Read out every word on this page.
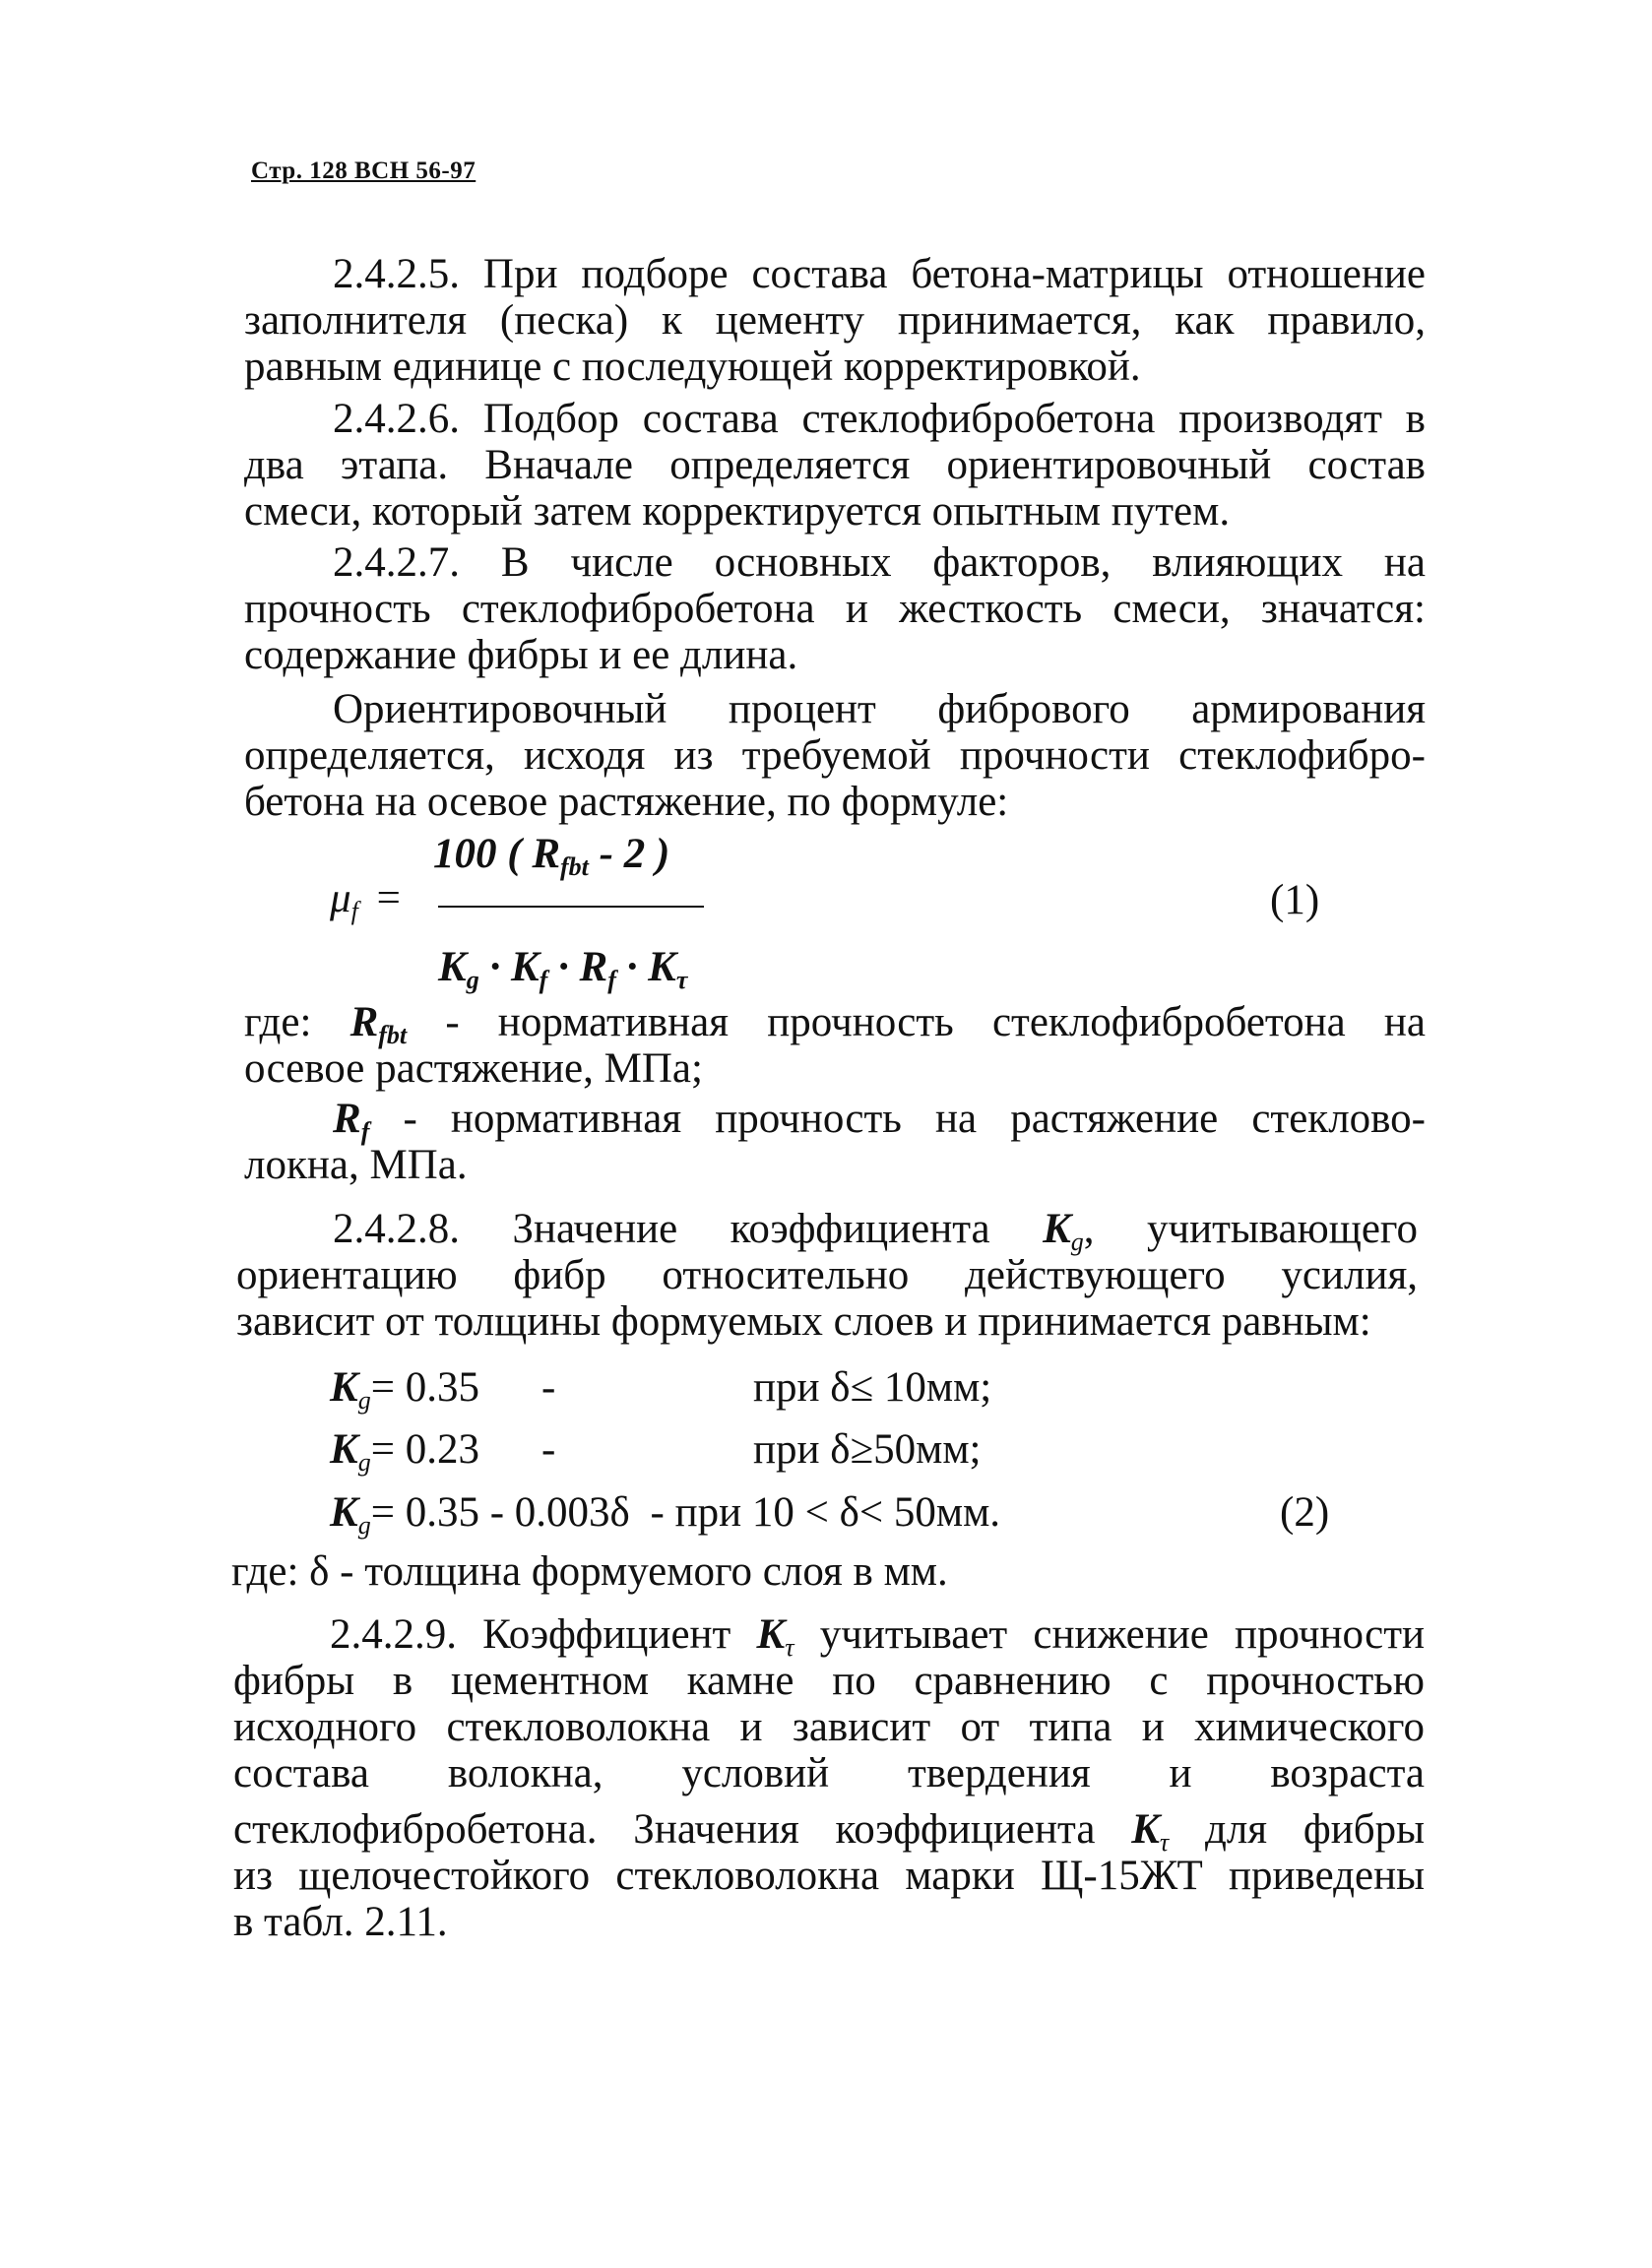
Стр. 128 ВСН 56-97
2.4.2.5. При подборе состава бетона-матрицы отношение
заполнителя (песка) к цементу принимается, как правило,
равным единице с последующей корректировкой.
2.4.2.6. Подбор состава стеклофибробетона производят в
два этапа. Вначале определяется ориентировочный состав
смеси, который затем корректируется опытным путем.
2.4.2.7. В числе основных факторов, влияющих на
прочность стеклофибробетона и жесткость смеси, значатся:
содержание фибры и ее длина.
Ориентировочный процент фибрового армирования
определяется, исходя из требуемой прочности стеклофибро-
бетона на осевое растяжение, по формуле:
100 ( $R_{fbt} - 2$ )
$\mu_f$ =	(1)
$K_g \cdot K_f \cdot R_f \cdot K_\tau$
где: $R_{fbt}$ - нормативная прочность стеклофибробетона на
осевое растяжение, МПа;
$R_f$ - нормативная прочность на растяжение стеклово-
локна, МПа.
2.4.2.8. Значение коэффициента $K_g$, учитывающего
ориентацию фибр относительно действующего усилия,
зависит от толщины формуемых слоев и принимается равным:
$K_g= 0.35$ -	при δ≤ 10мм;
$K_g= 0.23$ -	при δ≥50мм;
$K_g= 0.35 - 0.003\delta$ - при 10 < δ< 50мм.	(2)
где: δ - толщина формуемого слоя в мм.
2.4.2.9. Коэффициент $K_\tau$ учитывает снижение прочности
фибры в цементном камне по сравнению с прочностью
исходного стекловолокна и зависит от типа и химического
состава волокна, условий твердения и возраста
стеклофибробетона. Значения коэффициента $K_\tau$ для фибры
из щелочестойкого стекловолокна марки Щ-15ЖТ приведены
в табл. 2.11.
